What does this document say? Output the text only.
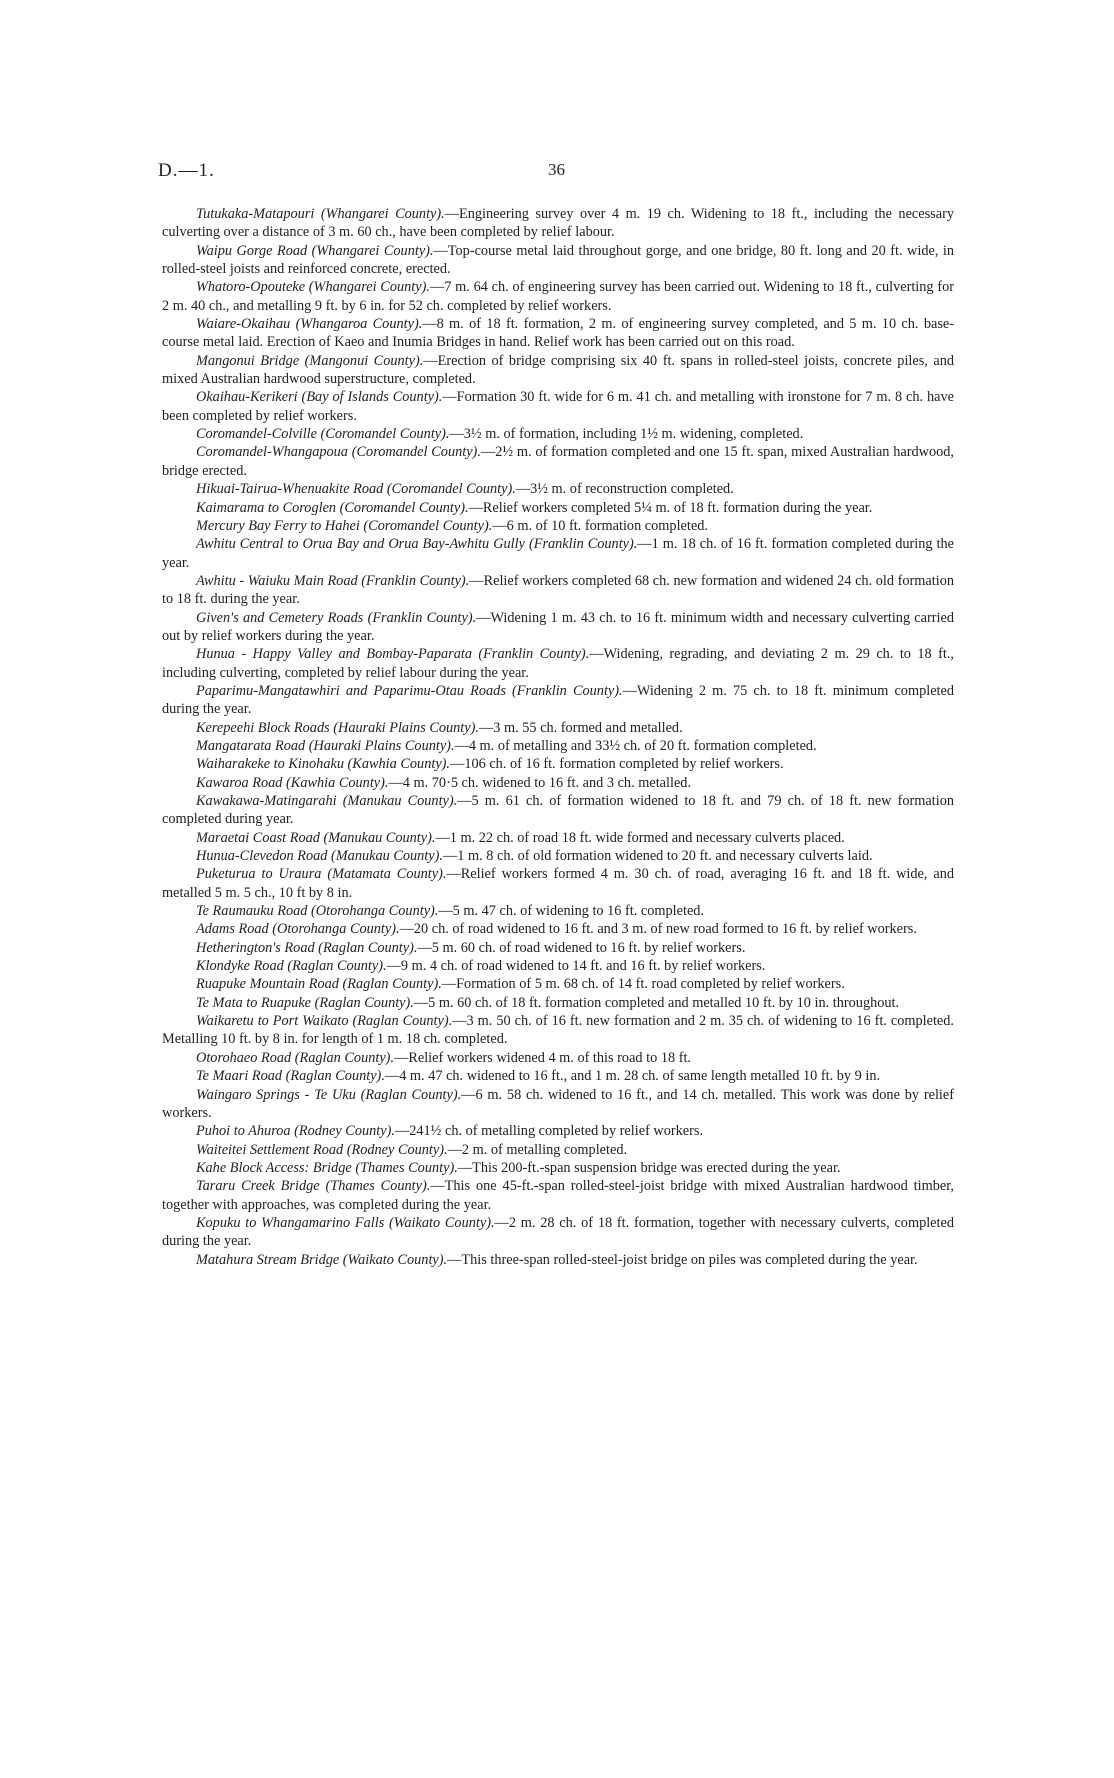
D.—1.	36

Tutukaka-Matapouri (Whangarei County).—Engineering survey over 4 m. 19 ch. Widening to 18 ft., including the necessary culverting over a distance of 3 m. 60 ch., have been completed by relief labour.

Waipu Gorge Road (Whangarei County).—Top-course metal laid throughout gorge, and one bridge, 80 ft. long and 20 ft. wide, in rolled-steel joists and reinforced concrete, erected.

Whatoro-Opouteke (Whangarei County).—7 m. 64 ch. of engineering survey has been carried out. Widening to 18 ft., culverting for 2 m. 40 ch., and metalling 9 ft. by 6 in. for 52 ch. completed by relief workers.

Waiare-Okaihau (Whangaroa County).—8 m. of 18 ft. formation, 2 m. of engineering survey completed, and 5 m. 10 ch. base-course metal laid. Erection of Kaeo and Inumia Bridges in hand. Relief work has been carried out on this road.

Mangonui Bridge (Mangonui County).—Erection of bridge comprising six 40 ft. spans in rolled-steel joists, concrete piles, and mixed Australian hardwood superstructure, completed.

Okaihau-Kerikeri (Bay of Islands County).—Formation 30 ft. wide for 6 m. 41 ch. and metalling with ironstone for 7 m. 8 ch. have been completed by relief workers.

Coromandel-Colville (Coromandel County).—3½ m. of formation, including 1½ m. widening, completed.

Coromandel-Whangapoua (Coromandel County).—2½ m. of formation completed and one 15 ft. span, mixed Australian hardwood, bridge erected.

Hikuai-Tairua-Whenuakite Road (Coromandel County).—3½ m. of reconstruction completed.

Kaimarama to Coroglen (Coromandel County).—Relief workers completed 5¼ m. of 18 ft. formation during the year.

Mercury Bay Ferry to Hahei (Coromandel County).—6 m. of 10 ft. formation completed.

Awhitu Central to Orua Bay and Orua Bay-Awhitu Gully (Franklin County).—1 m. 18 ch. of 16 ft. formation completed during the year.

Awhitu - Waiuku Main Road (Franklin County).—Relief workers completed 68 ch. new formation and widened 24 ch. old formation to 18 ft. during the year.

Given's and Cemetery Roads (Franklin County).—Widening 1 m. 43 ch. to 16 ft. minimum width and necessary culverting carried out by relief workers during the year.

Hunua - Happy Valley and Bombay-Paparata (Franklin County).—Widening, regrading, and deviating 2 m. 29 ch. to 18 ft., including culverting, completed by relief labour during the year.

Paparimu-Mangatawhiri and Paparimu-Otau Roads (Franklin County).—Widening 2 m. 75 ch. to 18 ft. minimum completed during the year.

Kerepeehi Block Roads (Hauraki Plains County).—3 m. 55 ch. formed and metalled.

Mangatarata Road (Hauraki Plains County).—4 m. of metalling and 33½ ch. of 20 ft. formation completed.

Waiharakeke to Kinohaku (Kawhia County).—106 ch. of 16 ft. formation completed by relief workers.

Kawaroa Road (Kawhia County).—4 m. 70·5 ch. widened to 16 ft. and 3 ch. metalled.

Kawakawa-Matingarahi (Manukau County).—5 m. 61 ch. of formation widened to 18 ft. and 79 ch. of 18 ft. new formation completed during year.

Maraetai Coast Road (Manukau County).—1 m. 22 ch. of road 18 ft. wide formed and necessary culverts placed.

Hunua-Clevedon Road (Manukau County).—1 m. 8 ch. of old formation widened to 20 ft. and necessary culverts laid.

Puketurua to Uraura (Matamata County).—Relief workers formed 4 m. 30 ch. of road, averaging 16 ft. and 18 ft. wide, and metalled 5 m. 5 ch., 10 ft by 8 in.

Te Raumauku Road (Otorohanga County).—5 m. 47 ch. of widening to 16 ft. completed.

Adams Road (Otorohanga County).—20 ch. of road widened to 16 ft. and 3 m. of new road formed to 16 ft. by relief workers.

Hetherington's Road (Raglan County).—5 m. 60 ch. of road widened to 16 ft. by relief workers.

Klondyke Road (Raglan County).—9 m. 4 ch. of road widened to 14 ft. and 16 ft. by relief workers.

Ruapuke Mountain Road (Raglan County).—Formation of 5 m. 68 ch. of 14 ft. road completed by relief workers.

Te Mata to Ruapuke (Raglan County).—5 m. 60 ch. of 18 ft. formation completed and metalled 10 ft. by 10 in. throughout.

Waikaretu to Port Waikato (Raglan County).—3 m. 50 ch. of 16 ft. new formation and 2 m. 35 ch. of widening to 16 ft. completed. Metalling 10 ft. by 8 in. for length of 1 m. 18 ch. completed.

Otorohaeo Road (Raglan County).—Relief workers widened 4 m. of this road to 18 ft.

Te Maari Road (Raglan County).—4 m. 47 ch. widened to 16 ft., and 1 m. 28 ch. of same length metalled 10 ft. by 9 in.

Waingaro Springs - Te Uku (Raglan County).—6 m. 58 ch. widened to 16 ft., and 14 ch. metalled. This work was done by relief workers.

Puhoi to Ahuroa (Rodney County).—241½ ch. of metalling completed by relief workers.

Waiteitei Settlement Road (Rodney County).—2 m. of metalling completed.

Kahe Block Access: Bridge (Thames County).—This 200-ft.-span suspension bridge was erected during the year.

Tararu Creek Bridge (Thames County).—This one 45-ft.-span rolled-steel-joist bridge with mixed Australian hardwood timber, together with approaches, was completed during the year.

Kopuku to Whangamarino Falls (Waikato County).—2 m. 28 ch. of 18 ft. formation, together with necessary culverts, completed during the year.

Matahura Stream Bridge (Waikato County).—This three-span rolled-steel-joist bridge on piles was completed during the year.
